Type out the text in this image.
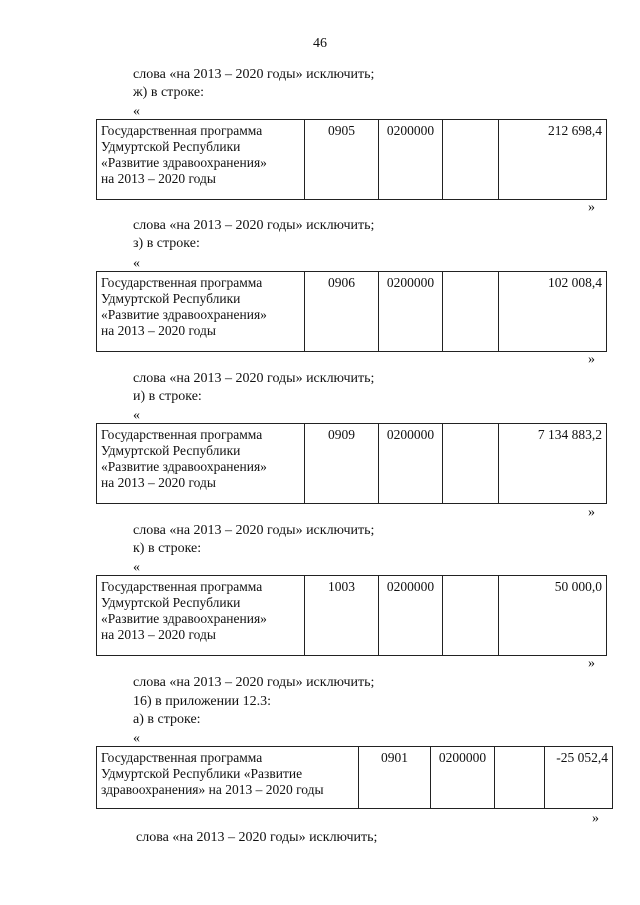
46
слова «на 2013 – 2020 годы» исключить;
ж) в строке:
«
Государственная программа
Удмуртской Республики
«Развитие здравоохранения»
на 2013 – 2020 годы
	0905	0200000		212 698,4
»
слова «на 2013 – 2020 годы» исключить;
з) в строке:
«
Государственная программа
Удмуртской Республики
«Развитие здравоохранения»
на 2013 – 2020 годы
	0906	0200000		102 008,4
»
слова «на 2013 – 2020 годы» исключить;
и) в строке:
«
Государственная программа
Удмуртской Республики
«Развитие здравоохранения»
на 2013 – 2020 годы
	0909	0200000		7 134 883,2
»
слова «на 2013 – 2020 годы» исключить;
к) в строке:
«
Государственная программа
Удмуртской Республики
«Развитие здравоохранения»
на 2013 – 2020 годы
	1003	0200000		50 000,0
»
слова «на 2013 – 2020 годы» исключить;
16) в приложении 12.3:
а) в строке:
«
Государственная программа
Удмуртской Республики «Развитие
здравоохранения» на 2013 – 2020 годы
	0901	0200000		-25 052,4
»
слова «на 2013 – 2020 годы» исключить;
